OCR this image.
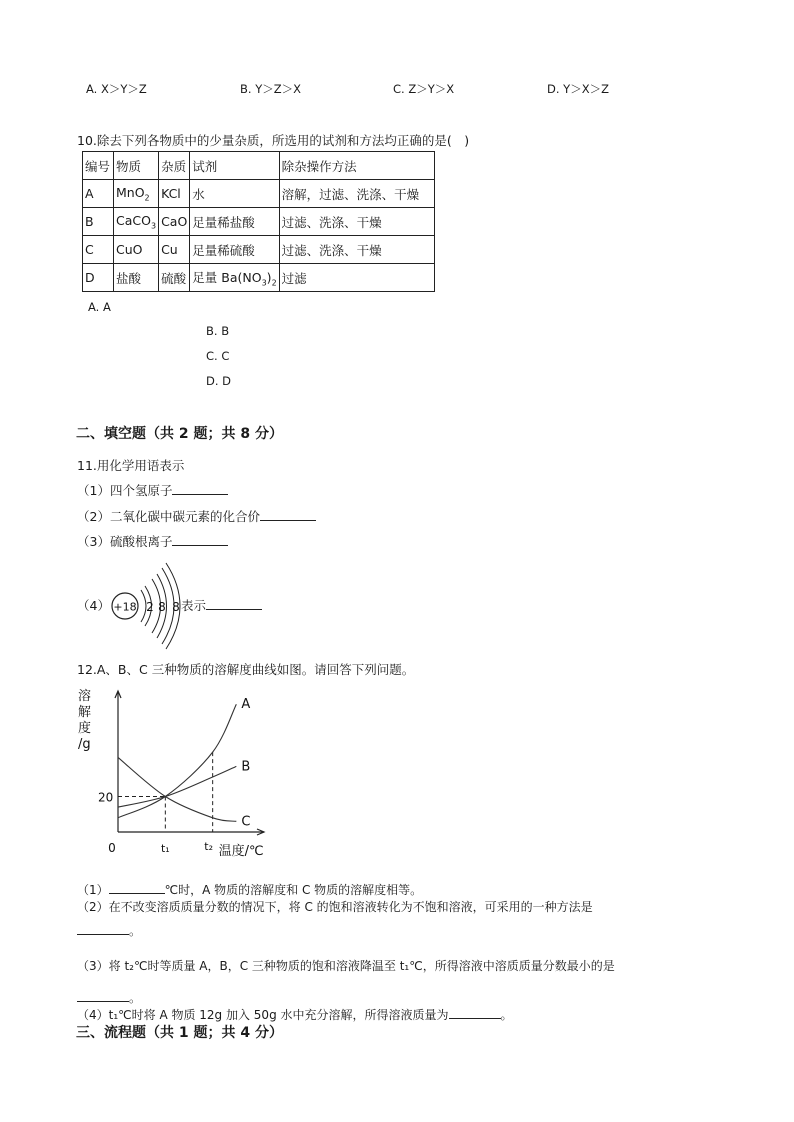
A. X＞Y＞Z	B. Y＞Z＞X	C. Z＞Y＞X	D. Y＞X＞Z
10.除去下列各物质中的少量杂质，所选用的试剂和方法均正确的是(　)
编号	物质	杂质	试剂	除杂操作方法
A	MnO$_2$	KCl	水	溶解，过滤、洗涤、干燥
B	CaCO$_3$	CaO	足量稀盐酸	过滤、洗涤、干燥
C	CuO	Cu	足量稀硫酸	过滤、洗涤、干燥
D	盐酸	硫酸	足量 $Ba(NO_3)_2$	过滤
A. A
B. B
C. C
D. D
二、填空题（共 2 题；共 8 分）
11.用化学用语表示
（1）四个氢原子
（2）二氧化碳中碳元素的化合价
（3）硫酸根离子
（4） +18 2 8 8 表示
12.A、B、C 三种物质的溶解度曲线如图。请回答下列问题。
溶
解
度
/g
0
20
t₁	t₂ 温度/℃
A
B
C
（1）	℃时，A 物质的溶解度和 C 物质的溶解度相等。
（2）在不改变溶质质量分数的情况下，将 C 的饱和溶液转化为不饱和溶液，可采用的一种方法是
。
（3）将 t₂℃时等质量 A，B，C 三种物质的饱和溶液降温至 t₁℃，所得溶液中溶质质量分数最小的是
。
（4）t₁℃时将 A 物质 12g 加入 50g 水中充分溶解，所得溶液质量为	。
三、流程题（共 1 题；共 4 分）
